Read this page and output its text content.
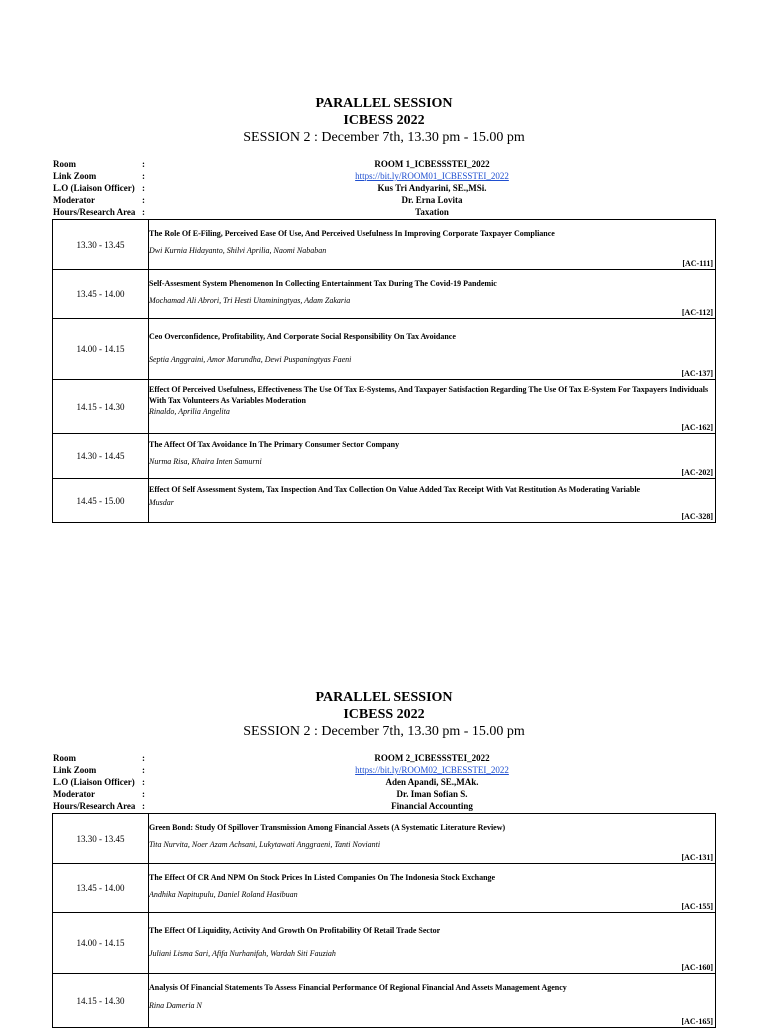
PARALLEL SESSION
ICBESS 2022
SESSION 2 : December 7th, 13.30 pm - 15.00 pm
Room	:	ROOM 1_ICBESSSTEI_2022
Link Zoom	:	https://bit.ly/ROOM01_ICBESSTEI_2022
L.O (Liaison Officer) :	Kus Tri Andyarini, SE.,MSi.
Moderator	:	Dr. Erna Lovita
Hours/Research Area :	Taxation
13.30 - 13.45	The Role Of E-Filing, Perceived Ease Of Use, And Perceived Usefulness In Improving Corporate Taxpayer Compliance
Dwi Kurnia Hidayanto, Shilvi Aprilia, Naomi Nababan
[AC-111]

13.45 - 14.00	Self-Assesment System Phenomenon In Collecting Entertainment Tax During The Covid-19 Pandemic
Mochamad Ali Abrori, Tri Hesti Utaminingtyas, Adam Zakaria
[AC-112]

14.00 - 14.15	Ceo Overconfidence, Profitability, And Corporate Social Responsibility On Tax Avoidance
Septia Anggraini, Amor Marundha, Dewi Puspaningtyas Faeni
[AC-137]

14.15 - 14.30	Effect Of Perceived Usefulness, Effectiveness The Use Of Tax E-Systems, And Taxpayer Satisfaction Regarding The Use Of Tax E-System For Taxpayers Individuals With Tax Volunteers As Variables Moderation
Rinaldo, Aprilia Angelita
[AC-162]

14.30 - 14.45	The Affect Of Tax Avoidance In The Primary Consumer Sector Company
Nurma Risa, Khaira Inten Samurni
[AC-202]

14.45 - 15.00	Effect Of Self Assessment System, Tax Inspection And Tax Collection On Value Added Tax Receipt With Vat Restitution As Moderating Variable
Musdar
[AC-328]
PARALLEL SESSION
ICBESS 2022
SESSION 2 : December 7th, 13.30 pm - 15.00 pm
Room	:	ROOM 2_ICBESSSTEI_2022
Link Zoom	:	https://bit.ly/ROOM02_ICBESSTEI_2022
L.O (Liaison Officer) :	Aden Apandi, SE.,MAk.
Moderator	:	Dr. Iman Sofian S.
Hours/Research Area :	Financial Accounting
13.30 - 13.45	Green Bond: Study Of Spillover Transmission Among Financial Assets (A Systematic Literature Review)
Tita Nurvita, Noer Azam Achsani, Lukytawati Anggraeni, Tanti Novianti
[AC-131]

13.45 - 14.00	The Effect Of CR And NPM On Stock Prices In Listed Companies On The Indonesia Stock Exchange
Andhika Napitupulu, Daniel Roland Hasibuan
[AC-155]

14.00 - 14.15	The Effect Of Liquidity, Activity And Growth On Profitability Of Retail Trade Sector
Juliani Lisma Sari, Afifa Nurhanifah, Wardah Siti Fauziah
[AC-160]

14.15 - 14.30	Analysis Of Financial Statements To Assess Financial Performance Of Regional Financial And Assets Management Agency
Rina Dameria N
[AC-165]
